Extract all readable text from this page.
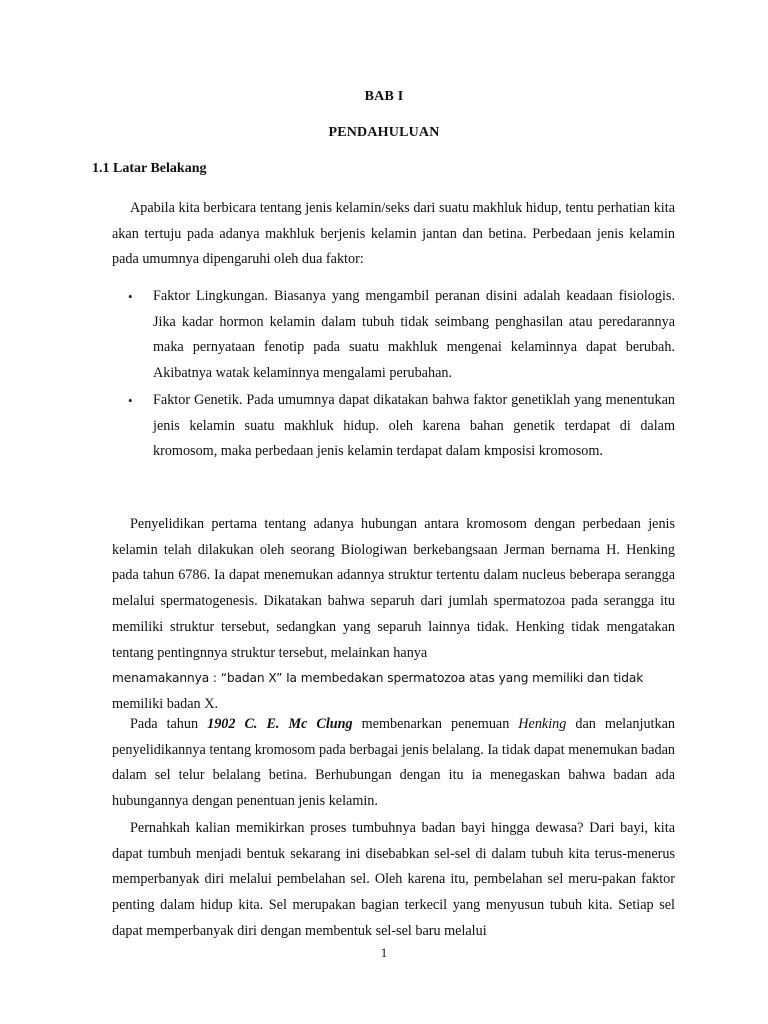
BAB I
PENDAHULUAN
1.1 Latar Belakang

Apabila kita berbicara tentang jenis kelamin/seks dari suatu makhluk hidup, tentu perhatian kita akan tertuju pada adanya makhluk berjenis kelamin jantan dan betina. Perbedaan jenis kelamin pada umumnya dipengaruhi oleh dua faktor:

• Faktor Lingkungan. Biasanya yang mengambil peranan disini adalah keadaan fisiologis. Jika kadar hormon kelamin dalam tubuh tidak seimbang penghasilan atau peredarannya maka pernyataan fenotip pada suatu makhluk mengenai kelaminnya dapat berubah. Akibatnya watak kelaminnya mengalami perubahan.
• Faktor Genetik. Pada umumnya dapat dikatakan bahwa faktor genetiklah yang menentukan jenis kelamin suatu makhluk hidup. oleh karena bahan genetik terdapat di dalam kromosom, maka perbedaan jenis kelamin terdapat dalam kmposisi kromosom.
Penyelidikan pertama tentang adanya hubungan antara kromosom dengan perbedaan jenis kelamin telah dilakukan oleh seorang Biologiwan berkebangsaan Jerman bernama H. Henking pada tahun 6786. Ia dapat menemukan adannya struktur tertentu dalam nucleus beberapa serangga melalui spermatogenesis. Dikatakan bahwa separuh dari jumlah spermatozoa pada serangga itu memiliki struktur tersebut, sedangkan yang separuh lainnya tidak. Henking tidak mengatakan tentang pentingnnya struktur tersebut, melainkan hanya
menamakannya : “badan X” Ia membedakan spermatozoa atas yang memiliki dan tidak
memiliki badan X.

Pada tahun 1902 C. E. Mc Clung membenarkan penemuan Henking dan melanjutkan penyelidikannya tentang kromosom pada berbagai jenis belalang. Ia tidak dapat menemukan badan dalam sel telur belalang betina. Berhubungan dengan itu ia menegaskan bahwa badan ada hubungannya dengan penentuan jenis kelamin.

Pernahkah kalian memikirkan proses tumbuhnya badan bayi hingga dewasa? Dari bayi, kita dapat tumbuh menjadi bentuk sekarang ini disebabkan sel-sel di dalam tubuh kita terus-menerus memperbanyak diri melalui pembelahan sel. Oleh karena itu, pembelahan sel meru-pakan faktor penting dalam hidup kita. Sel merupakan bagian terkecil yang menyusun tubuh kita. Setiap sel dapat memperbanyak diri dengan membentuk sel-sel baru melalui

1
